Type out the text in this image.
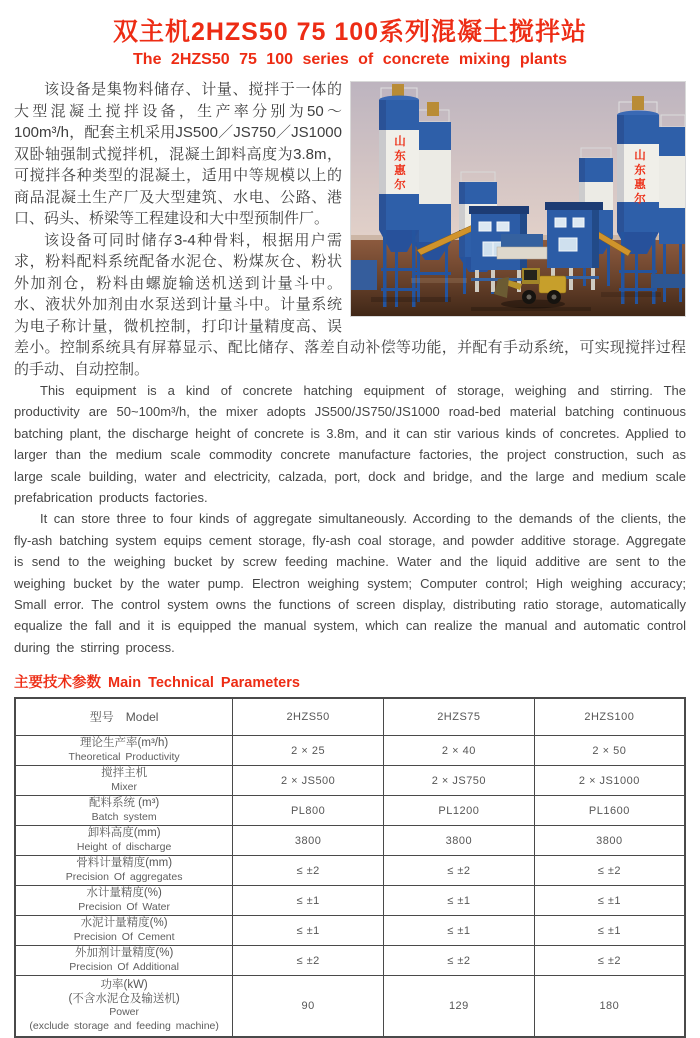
双主机2HZS50 75 100系列混凝土搅拌站
The 2HZS50 75 100 series of concrete mixing plants
山东惠尔	山东惠尔

该设备是集物料储存、计量、搅拌于一体的大型混凝土搅拌设备，生产率分别为50～100m³/h，配套主机采用JS500／JS750／JS1000双卧轴强制式搅拌机，混凝土卸料高度为3.8m，可搅拌各种类型的混凝土，适用中等规模以上的商品混凝土生产厂及大型建筑、水电、公路、港口、码头、桥梁等工程建设和大中型预制件厂。

该设备可同时储存3-4种骨料，根据用户需求，粉料配料系统配备水泥仓、粉煤灰仓、粉状外加剂仓，粉料由螺旋输送机送到计量斗中。水、液状外加剂由水泵送到计量斗中。计量系统为电子称计量，微机控制，打印计量精度高、误差小。控制系统具有屏幕显示、配比储存、落差自动补偿等功能，并配有手动系统，可实现搅拌过程的手动、自动控制。

This equipment is a kind of concrete hatching equipment of storage, weighing and stirring. The productivity are 50~100m³/h, the mixer adopts JS500/JS750/JS1000 road-bed material batching continuous batching plant, the discharge height of concrete is 3.8m, and it can stir various kinds of concretes. Applied to larger than the medium scale commodity concrete manufacture factories, the project construction, such as large scale building, water and electricity, calzada, port, dock and bridge, and the large and medium scale prefabrication products factories.

It can store three to four kinds of aggregate simultaneously. According to the demands of the clients, the fly-ash batching system equips cement storage, fly-ash coal storage, and powder additive storage. Aggregate is send to the weighing bucket by screw feeding machine. Water and the liquid additive are sent to the weighing bucket by the water pump. Electron weighing system; Computer control; High weighing accuracy; Small error. The control system owns the functions of screen display, distributing ratio storage, automatically equalize the fall and it is equipped the manual system, which can realize the manual and automatic control during the stirring process.

主要技术参数 Main Technical Parameters
型号　Model	2HZS50	2HZS75	2HZS100

理论生产率(m³/h)
Theoretical Productivity	2 × 25	2 × 40	2 × 50

搅拌主机
Mixer	2 × JS500	2 × JS750	2 × JS1000

配料系统 (m³)
Batch system	PL800	PL1200	PL1600

卸料高度(mm)
Height of discharge	3800	3800	3800

骨料计量精度(mm)
Precision Of aggregates	≤ ±2	≤ ±2	≤ ±2

水计量精度(%)
Precision Of Water	≤ ±1	≤ ±1	≤ ±1

水泥计量精度(%)
Precision Of Cement	≤ ±1	≤ ±1	≤ ±1

外加剂计量精度(%)
Precision Of Additional	≤ ±2	≤ ±2	≤ ±2

功率(kW)
(不含水泥仓及输送机)
Power
(exclude storage and feeding machine)	90	129	180
